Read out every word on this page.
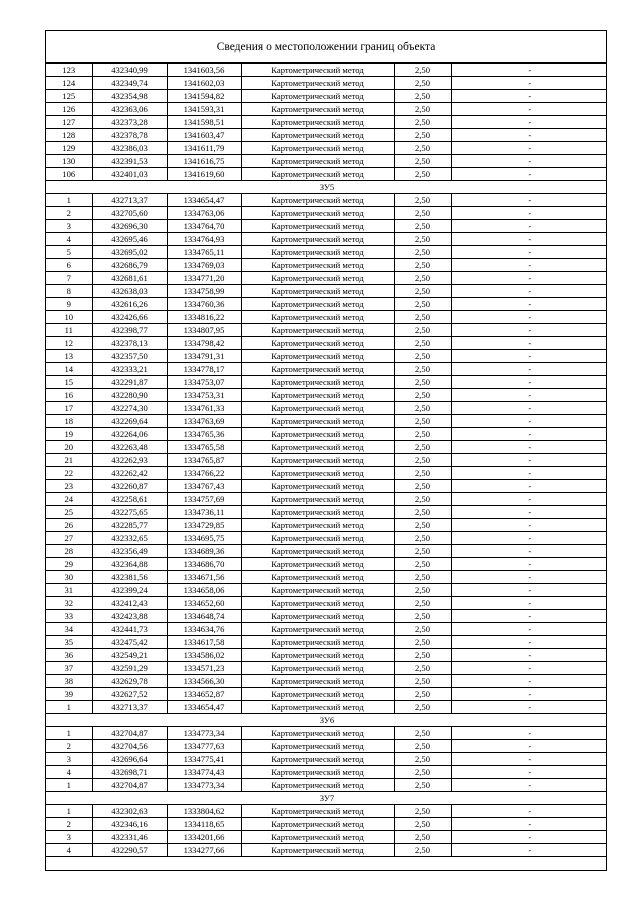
Сведения о местоположении границ объекта
123	432340,99	1341603,56	Картометрический метод	2,50	-
124	432349,74	1341602,03	Картометрический метод	2,50	-
125	432354,98	1341594,82	Картометрический метод	2,50	-
126	432363,06	1341593,31	Картометрический метод	2,50	-
127	432373,28	1341598,51	Картометрический метод	2,50	-
128	432378,78	1341603,47	Картометрический метод	2,50	-
129	432386,03	1341611,79	Картометрический метод	2,50	-
130	432391,53	1341616,75	Картометрический метод	2,50	-
106	432401,03	1341619,60	Картометрический метод	2,50	-
ЗУ5					
1	432713,37	1334654,47	Картометрический метод	2,50	-
2	432705,60	1334763,06	Картометрический метод	2,50	-
3	432696,30	1334764,70	Картометрический метод	2,50	-
4	432695,46	1334764,93	Картометрический метод	2,50	-
5	432695,02	1334765,11	Картометрический метод	2,50	-
6	432686,79	1334769,03	Картометрический метод	2,50	-
7	432681,61	1334771,20	Картометрический метод	2,50	-
8	432638,03	1334758,99	Картометрический метод	2,50	-
9	432616,26	1334760,36	Картометрический метод	2,50	-
10	432426,66	1334816,22	Картометрический метод	2,50	-
11	432398,77	1334807,95	Картометрический метод	2,50	-
12	432378,13	1334798,42	Картометрический метод	2,50	-
13	432357,50	1334791,31	Картометрический метод	2,50	-
14	432333,21	1334778,17	Картометрический метод	2,50	-
15	432291,87	1334753,07	Картометрический метод	2,50	-
16	432280,90	1334753,31	Картометрический метод	2,50	-
17	432274,30	1334761,33	Картометрический метод	2,50	-
18	432269,64	1334763,69	Картометрический метод	2,50	-
19	432264,06	1334765,36	Картометрический метод	2,50	-
20	432263,48	1334765,58	Картометрический метод	2,50	-
21	432262,93	1334765,87	Картометрический метод	2,50	-
22	432262,42	1334766,22	Картометрический метод	2,50	-
23	432260,87	1334767,43	Картометрический метод	2,50	-
24	432258,61	1334757,69	Картометрический метод	2,50	-
25	432275,65	1334736,11	Картометрический метод	2,50	-
26	432285,77	1334729,85	Картометрический метод	2,50	-
27	432332,65	1334695,75	Картометрический метод	2,50	-
28	432356,49	1334689,36	Картометрический метод	2,50	-
29	432364,88	1334686,70	Картометрический метод	2,50	-
30	432381,56	1334671,56	Картометрический метод	2,50	-
31	432399,24	1334658,06	Картометрический метод	2,50	-
32	432412,43	1334652,60	Картометрический метод	2,50	-
33	432423,88	1334648,74	Картометрический метод	2,50	-
34	432441,73	1334634,76	Картометрический метод	2,50	-
35	432475,42	1334617,58	Картометрический метод	2,50	-
36	432549,21	1334586,02	Картометрический метод	2,50	-
37	432591,29	1334571,23	Картометрический метод	2,50	-
38	432629,78	1334566,30	Картометрический метод	2,50	-
39	432627,52	1334652,87	Картометрический метод	2,50	-
1	432713,37	1334654,47	Картометрический метод	2,50	-
ЗУ6					
1	432704,87	1334773,34	Картометрический метод	2,50	-
2	432704,56	1334777,63	Картометрический метод	2,50	-
3	432696,64	1334775,41	Картометрический метод	2,50	-
4	432698,71	1334774,43	Картометрический метод	2,50	-
1	432704,87	1334773,34	Картометрический метод	2,50	-
ЗУ7					
1	432302,63	1333804,62	Картометрический метод	2,50	-
2	432346,16	1334118,65	Картометрический метод	2,50	-
3	432331,46	1334201,66	Картометрический метод	2,50	-
4	432290,57	1334277,66	Картометрический метод	2,50	-
